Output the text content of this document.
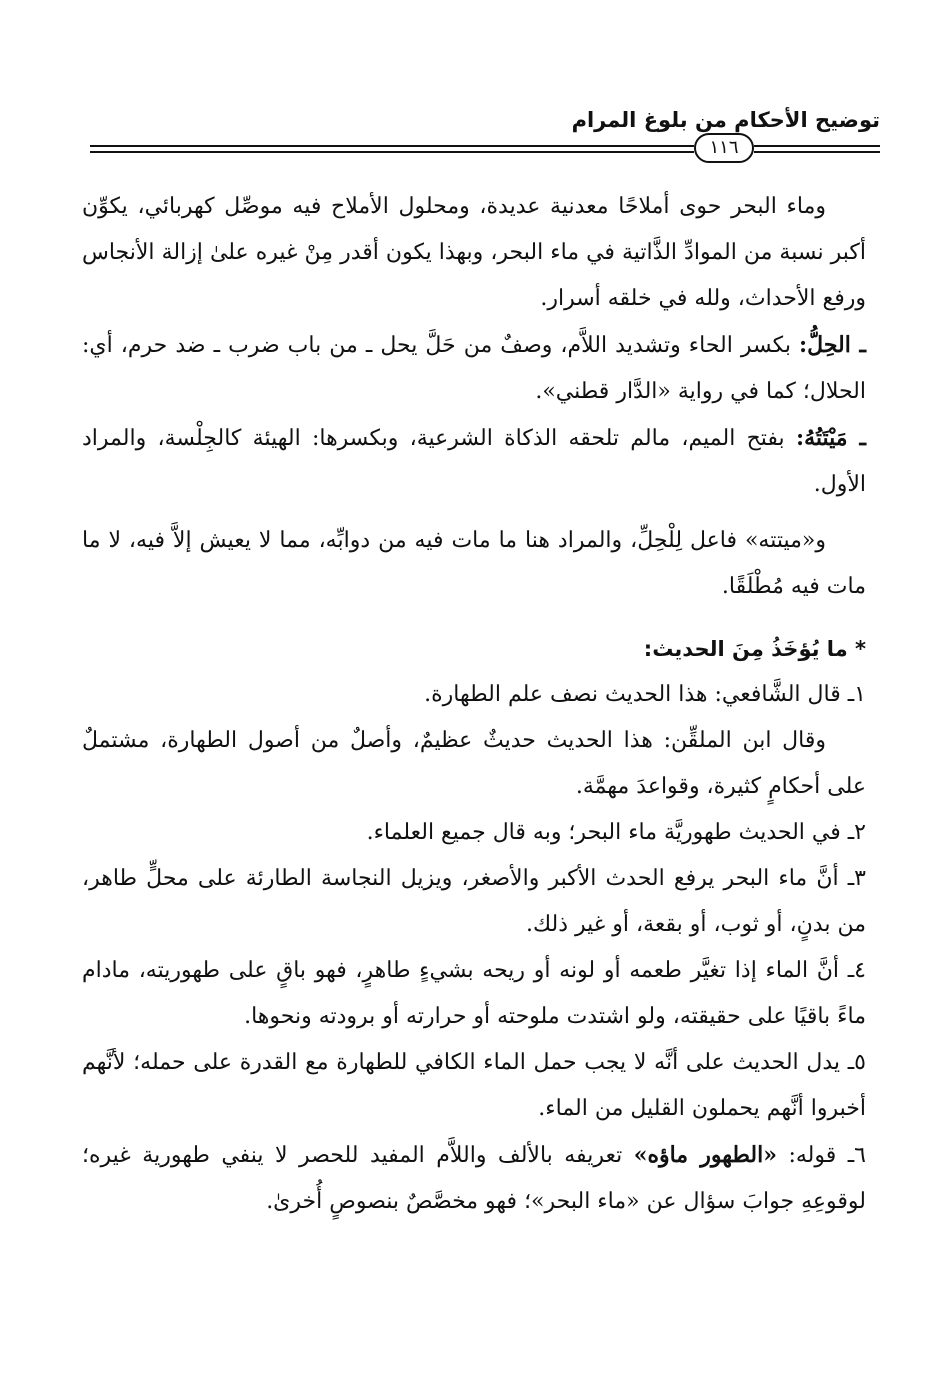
توضيح الأحكام من بلوغ المرام
١١٦

وماء البحر حوى أملاحًا معدنية عديدة، ومحلول الأملاح فيه موصِّل كهربائي، يكوِّن أكبر نسبة من الموادِّ الذَّاتية في ماء البحر، وبهذا يكون أقدر مِنْ غيره علىٰ إزالة الأنجاس ورفع الأحداث، ولله في خلقه أسرار.

ـ الحِلُّ: بكسر الحاء وتشديد اللاَّم، وصفٌ من حَلَّ يحل ـ من باب ضرب ـ ضد حرم، أي: الحلال؛ كما في رواية «الدَّار قطني».

ـ مَيْتَتُهُ: بفتح الميم، مالم تلحقه الذكاة الشرعية، وبكسرها: الهيئة كالجِلْسة، والمراد الأول.

و«ميتته» فاعل لِلْحِلِّ، والمراد هنا ما مات فيه من دوابِّه، مما لا يعيش إلاَّ فيه، لا ما مات فيه مُطْلَقًا.

* ما يُؤخَذُ مِنَ الحديث:

١ـ قال الشَّافعي: هذا الحديث نصف علم الطهارة.

وقال ابن الملقِّن: هذا الحديث حديثٌ عظيمٌ، وأصلٌ من أصول الطهارة، مشتملٌ على أحكامٍ كثيرة، وقواعدَ مهمَّة.

٢ـ في الحديث طهوريَّة ماء البحر؛ وبه قال جميع العلماء.

٣ـ أنَّ ماء البحر يرفع الحدث الأكبر والأصغر، ويزيل النجاسة الطارئة على محلٍّ طاهر، من بدنٍ، أو ثوب، أو بقعة، أو غير ذلك.

٤ـ أنَّ الماء إذا تغيَّر طعمه أو لونه أو ريحه بشيءٍ طاهرٍ، فهو باقٍ على طهوريته، مادام ماءً باقيًا على حقيقته، ولو اشتدت ملوحته أو حرارته أو برودته ونحوها.

٥ـ يدل الحديث على أنَّه لا يجب حمل الماء الكافي للطهارة مع القدرة على حمله؛ لأنَّهم أخبروا أنَّهم يحملون القليل من الماء.

٦ـ قوله: «الطهور ماؤه» تعريفه بالألف واللاَّم المفيد للحصر لا ينفي طهورية غيره؛ لوقوعِهِ جوابَ سؤال عن «ماء البحر»؛ فهو مخصَّصٌ بنصوصٍ أُخرىٰ.
